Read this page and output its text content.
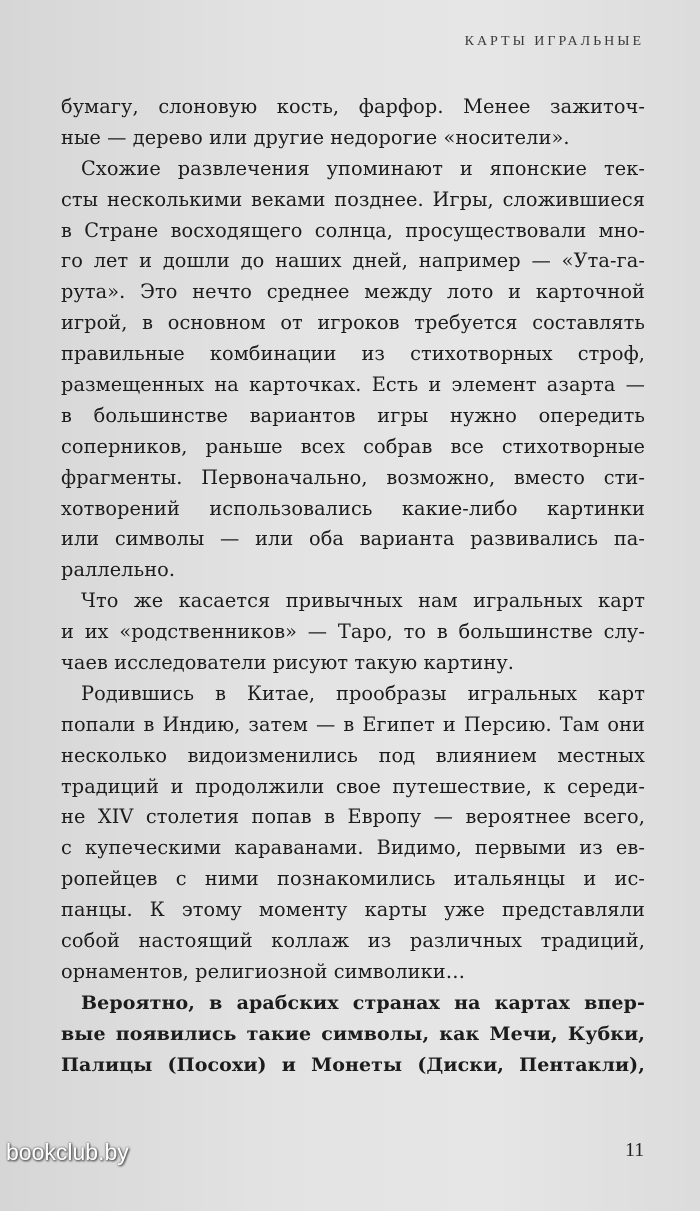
КАРТЫ ИГРАЛЬНЫЕ
бумагу, слоновую кость, фарфор. Менее зажиточ-
ные — дерево или другие недорогие «носители».
Схожие развлечения упоминают и японские тек-
сты несколькими веками позднее. Игры, сложившиеся
в Стране восходящего солнца, просуществовали мно-
го лет и дошли до наших дней, например — «Ута-га-
рута». Это нечто среднее между лото и карточной
игрой, в основном от игроков требуется составлять
правильные комбинации из стихотворных строф,
размещенных на карточках. Есть и элемент азарта —
в большинстве вариантов игры нужно опередить
соперников, раньше всех собрав все стихотворные
фрагменты. Первоначально, возможно, вместо сти-
хотворений использовались какие-либо картинки
или символы — или оба варианта развивались па-
раллельно.
Что же касается привычных нам игральных карт
и их «родственников» — Таро, то в большинстве слу-
чаев исследователи рисуют такую картину.
Родившись в Китае, прообразы игральных карт
попали в Индию, затем — в Египет и Персию. Там они
несколько видоизменились под влиянием местных
традиций и продолжили свое путешествие, к середи-
не XIV столетия попав в Европу — вероятнее всего,
с купеческими караванами. Видимо, первыми из ев-
ропейцев с ними познакомились итальянцы и ис-
панцы. К этому моменту карты уже представляли
собой настоящий коллаж из различных традиций,
орнаментов, религиозной символики…
Вероятно, в арабских странах на картах впер-
вые появились такие символы, как Мечи, Кубки,
Палицы (Посохи) и Монеты (Диски, Пентакли),
11
bookclub.by
